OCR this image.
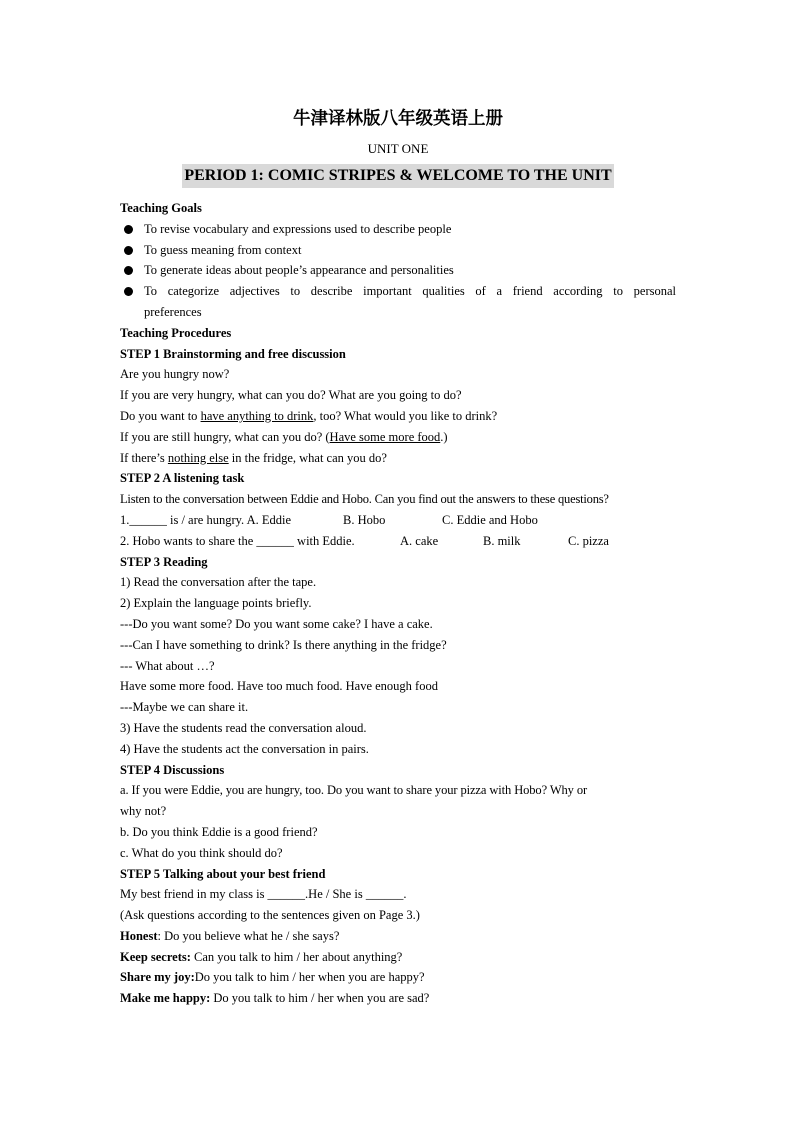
牛津译林版八年级英语上册
UNIT ONE
PERIOD 1: COMIC STRIPES & WELCOME TO THE UNIT
Teaching Goals
To revise vocabulary and expressions used to describe people
To guess meaning from context
To generate ideas about people’s appearance and personalities
To categorize adjectives to describe important qualities of a friend according to personal
preferences
Teaching Procedures
STEP 1 Brainstorming and free discussion
Are you hungry now?
If you are very hungry, what can you do? What are you going to do?
Do you want to have anything to drink, too? What would you like to drink?
If you are still hungry, what can you do? (Have some more food.)
If there’s nothing else in the fridge, what can you do?
STEP 2 A listening task
Listen to the conversation between Eddie and Hobo. Can you find out the answers to these questions?
1.______ is / are hungry. A. Eddie	B. Hobo	C. Eddie and Hobo
2. Hobo wants to share the ______ with Eddie.	A. cake	B. milk	C. pizza
STEP 3 Reading
1) Read the conversation after the tape.
2) Explain the language points briefly.
---Do you want some? Do you want some cake? I have a cake.
---Can I have something to drink? Is there anything in the fridge?
--- What about …?
Have some more food. Have too much food. Have enough food
---Maybe we can share it.
3) Have the students read the conversation aloud.
4) Have the students act the conversation in pairs.
STEP 4 Discussions
a. If you were Eddie, you are hungry, too. Do you want to share your pizza with Hobo? Why or
why not?
b. Do you think Eddie is a good friend?
c. What do you think should do?
STEP 5 Talking about your best friend
My best friend in my class is ______.He / She is ______.
(Ask questions according to the sentences given on Page 3.)
Honest: Do you believe what he / she says?
Keep secrets: Can you talk to him / her about anything?
Share my joy:Do you talk to him / her when you are happy?
Make me happy: Do you talk to him / her when you are sad?
